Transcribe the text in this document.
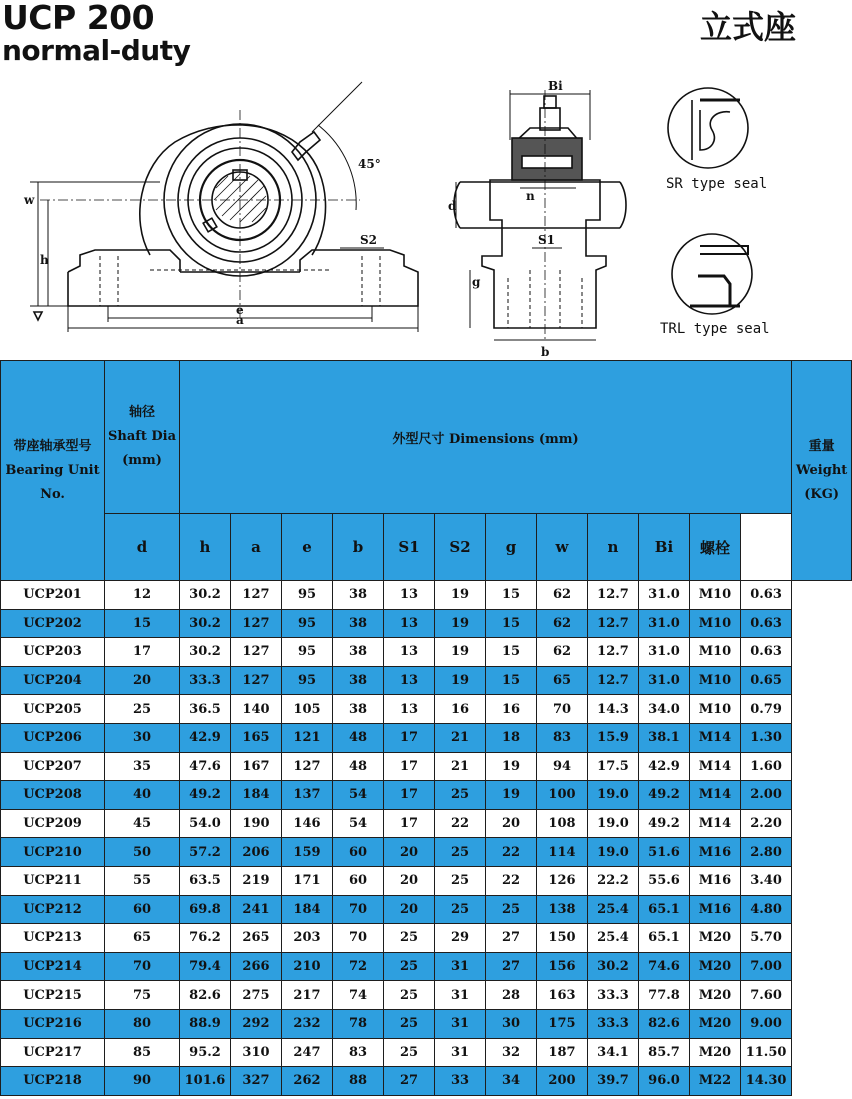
UCP 200
normal-duty
立式座
45°
w
h
e
a
S2
Bi
n
d
S1
g
b
SR type seal
TRL type seal
带座轴承型号
Bearing Unit
No.	轴径
Shaft Dia
(mm)	外型尺寸 Dimensions (mm)												重量
Weight
(KG)

	d	h	a	e	b	S1	S2	g	w	n	Bi	螺栓		
UCP201	12	30.2	127	95	38	13	19	15	62	12.7	31.0	M10	0.63	
UCP202	15	30.2	127	95	38	13	19	15	62	12.7	31.0	M10	0.63	
UCP203	17	30.2	127	95	38	13	19	15	62	12.7	31.0	M10	0.63	
UCP204	20	33.3	127	95	38	13	19	15	65	12.7	31.0	M10	0.65	
UCP205	25	36.5	140	105	38	13	16	16	70	14.3	34.0	M10	0.79	
UCP206	30	42.9	165	121	48	17	21	18	83	15.9	38.1	M14	1.30	
UCP207	35	47.6	167	127	48	17	21	19	94	17.5	42.9	M14	1.60	
UCP208	40	49.2	184	137	54	17	25	19	100	19.0	49.2	M14	2.00	
UCP209	45	54.0	190	146	54	17	22	20	108	19.0	49.2	M14	2.20	
UCP210	50	57.2	206	159	60	20	25	22	114	19.0	51.6	M16	2.80	
UCP211	55	63.5	219	171	60	20	25	22	126	22.2	55.6	M16	3.40	
UCP212	60	69.8	241	184	70	20	25	25	138	25.4	65.1	M16	4.80	
UCP213	65	76.2	265	203	70	25	29	27	150	25.4	65.1	M20	5.70	
UCP214	70	79.4	266	210	72	25	31	27	156	30.2	74.6	M20	7.00	
UCP215	75	82.6	275	217	74	25	31	28	163	33.3	77.8	M20	7.60	
UCP216	80	88.9	292	232	78	25	31	30	175	33.3	82.6	M20	9.00	
UCP217	85	95.2	310	247	83	25	31	32	187	34.1	85.7	M20	11.50	
UCP218	90	101.6	327	262	88	27	33	34	200	39.7	96.0	M22	14.30	
